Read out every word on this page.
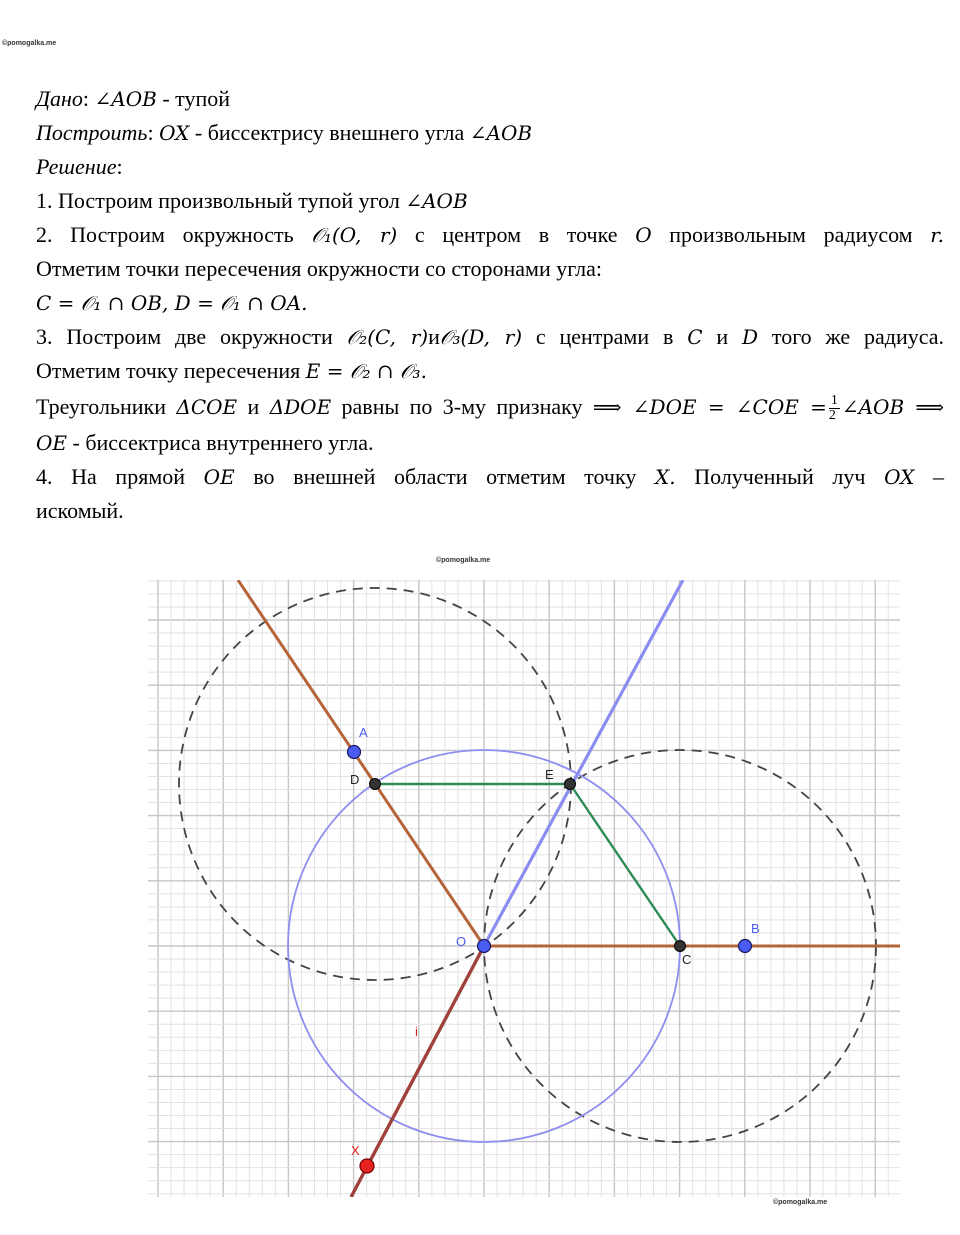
©pomogalka.me
Дано: ∠AOB - тупой
Построить: OX - биссектрису внешнего угла ∠AOB
Решение:
1. Построим произвольный тупой угол ∠AOB
2. Построим окружность 𝒪₁(O, r) с центром в точке O произвольным радиусом r.
Отметим точки пересечения окружности со сторонами угла:
C = 𝒪₁ ∩ OB, D = 𝒪₁ ∩ OA.
3. Построим две окружности 𝒪₂(C, r)и𝒪₃(D, r) с центрами в C и D того же радиуса.
Отметим точку пересечения E = 𝒪₂ ∩ 𝒪₃.
Треугольники ΔCOE и ΔDOE равны по 3-му признаку ⟹ ∠DOE = ∠COE = $\frac{1}{2}$ ∠AOB ⟹
OE - биссектриса внутреннего угла.
4. На прямой OE во внешней области отметим точку X. Полученный луч OX –
искомый.
©pomogalka.me
A
D	E
O
C
B
X
i
©pomogalka.me
